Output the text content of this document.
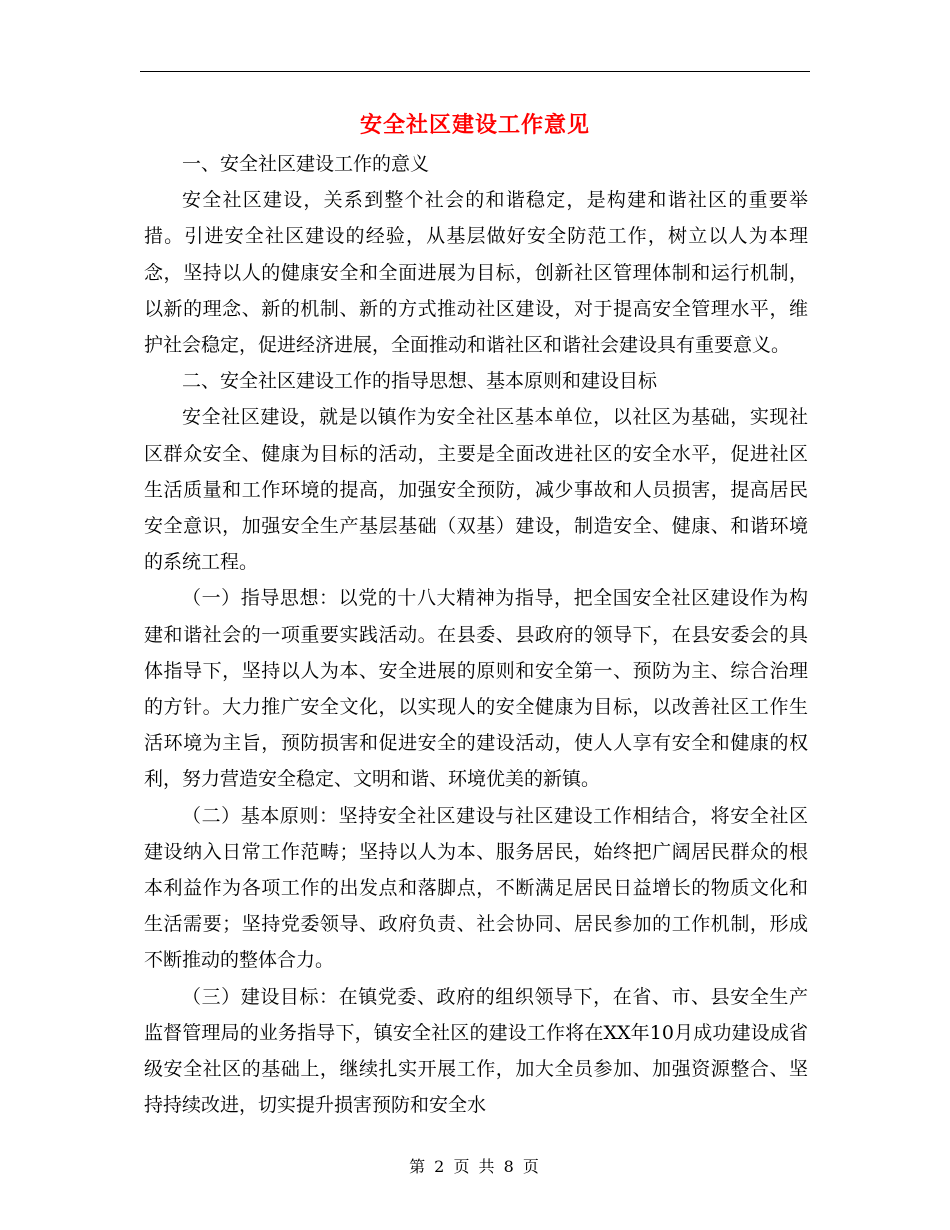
安全社区建设工作意见

一、安全社区建设工作的意义

安全社区建设，关系到整个社会的和谐稳定，是构建和谐社区的重要举措。引进安全社区建设的经验，从基层做好安全防范工作，树立以人为本理念，坚持以人的健康安全和全面进展为目标，创新社区管理体制和运行机制，以新的理念、新的机制、新的方式推动社区建设，对于提高安全管理水平，维护社会稳定，促进经济进展，全面推动和谐社区和谐社会建设具有重要意义。

二、安全社区建设工作的指导思想、基本原则和建设目标

安全社区建设，就是以镇作为安全社区基本单位，以社区为基础，实现社区群众安全、健康为目标的活动，主要是全面改进社区的安全水平，促进社区生活质量和工作环境的提高，加强安全预防，减少事故和人员损害，提高居民安全意识，加强安全生产基层基础（双基）建设，制造安全、健康、和谐环境的系统工程。

（一）指导思想：以党的十八大精神为指导，把全国安全社区建设作为构建和谐社会的一项重要实践活动。在县委、县政府的领导下，在县安委会的具体指导下，坚持以人为本、安全进展的原则和安全第一、预防为主、综合治理的方针。大力推广安全文化，以实现人的安全健康为目标，以改善社区工作生活环境为主旨，预防损害和促进安全的建设活动，使人人享有安全和健康的权利，努力营造安全稳定、文明和谐、环境优美的新镇。

（二）基本原则：坚持安全社区建设与社区建设工作相结合，将安全社区建设纳入日常工作范畴；坚持以人为本、服务居民，始终把广阔居民群众的根本利益作为各项工作的出发点和落脚点，不断满足居民日益增长的物质文化和生活需要；坚持党委领导、政府负责、社会协同、居民参加的工作机制，形成不断推动的整体合力。

（三）建设目标：在镇党委、政府的组织领导下，在省、市、县安全生产监督管理局的业务指导下，镇安全社区的建设工作将在XX年10月成功建设成省级安全社区的基础上，继续扎实开展工作，加大全员参加、加强资源整合、坚持持续改进，切实提升损害预防和安全水

第 2 页 共 8 页
